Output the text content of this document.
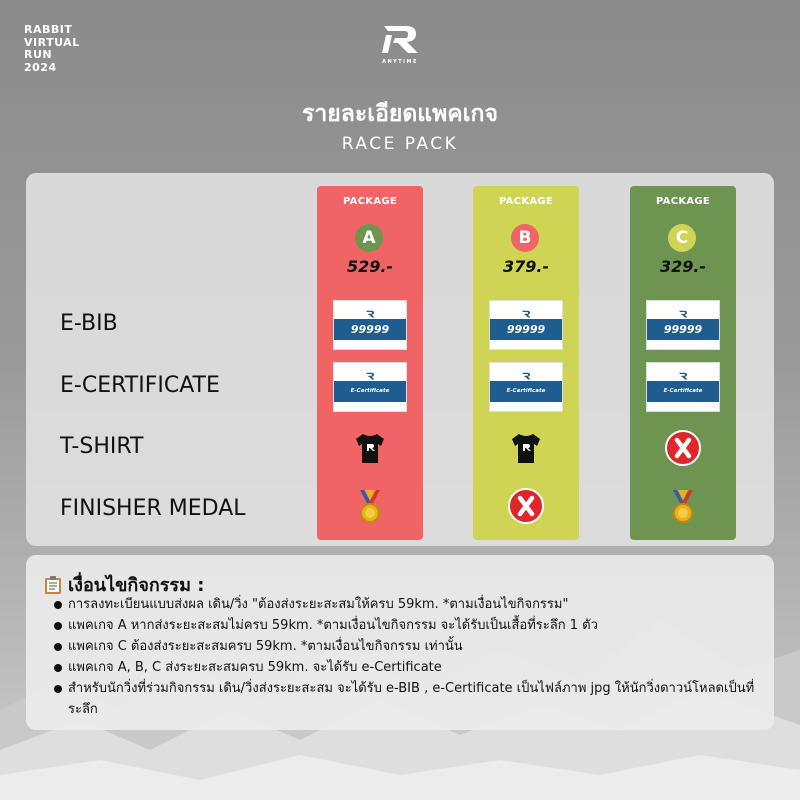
RABBIT
VIRTUAL
RUN
2024	ANYTIME
รายละเอียดแพคเกจ
RACE PACK
E-BIB
E-CERTIFICATE
T-SHIRT
FINISHER MEDAL
PACKAGE
A
529.-
99999
E-Certificate
PACKAGE
B
379.-
99999
E-Certificate
PACKAGE
C
329.-
99999
E-Certificate
เงื่อนไขกิจกรรม :
การลงทะเบียนแบบส่งผล เดิน/วิ่ง "ต้องส่งระยะสะสมให้ครบ 59km. *ตามเงื่อนไขกิจกรรม"
แพคเกจ A หากส่งระยะสะสมไม่ครบ 59km. *ตามเงื่อนไขกิจกรรม จะได้รับเป็นเสื้อที่ระลึก 1 ตัว
แพคเกจ C ต้องส่งระยะสะสมครบ 59km. *ตามเงื่อนไขกิจกรรม เท่านั้น
แพคเกจ A, B, C ส่งระยะสะสมครบ 59km. จะได้รับ e-Certificate
สำหรับนักวิ่งที่ร่วมกิจกรรม เดิน/วิ่งส่งระยะสะสม จะได้รับ e-BIB , e-Certificate เป็นไฟล์ภาพ jpg ให้นักวิ่งดาวน์โหลดเป็นที่ระลึก
